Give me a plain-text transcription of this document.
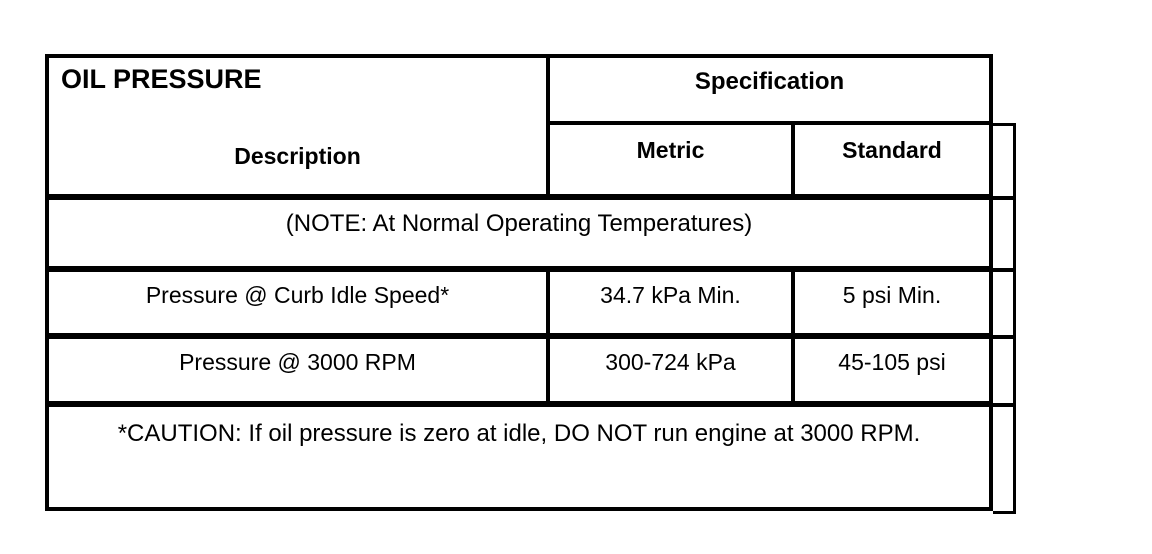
OIL PRESSURE
Description
Specification
Metric	Standard
(NOTE: At Normal Operating Temperatures)
Pressure @ Curb Idle Speed*	34.7 kPa Min.	5 psi Min.
Pressure @ 3000 RPM	300-724 kPa	45-105 psi
*CAUTION: If oil pressure is zero at idle, DO NOT run engine at 3000 RPM.
